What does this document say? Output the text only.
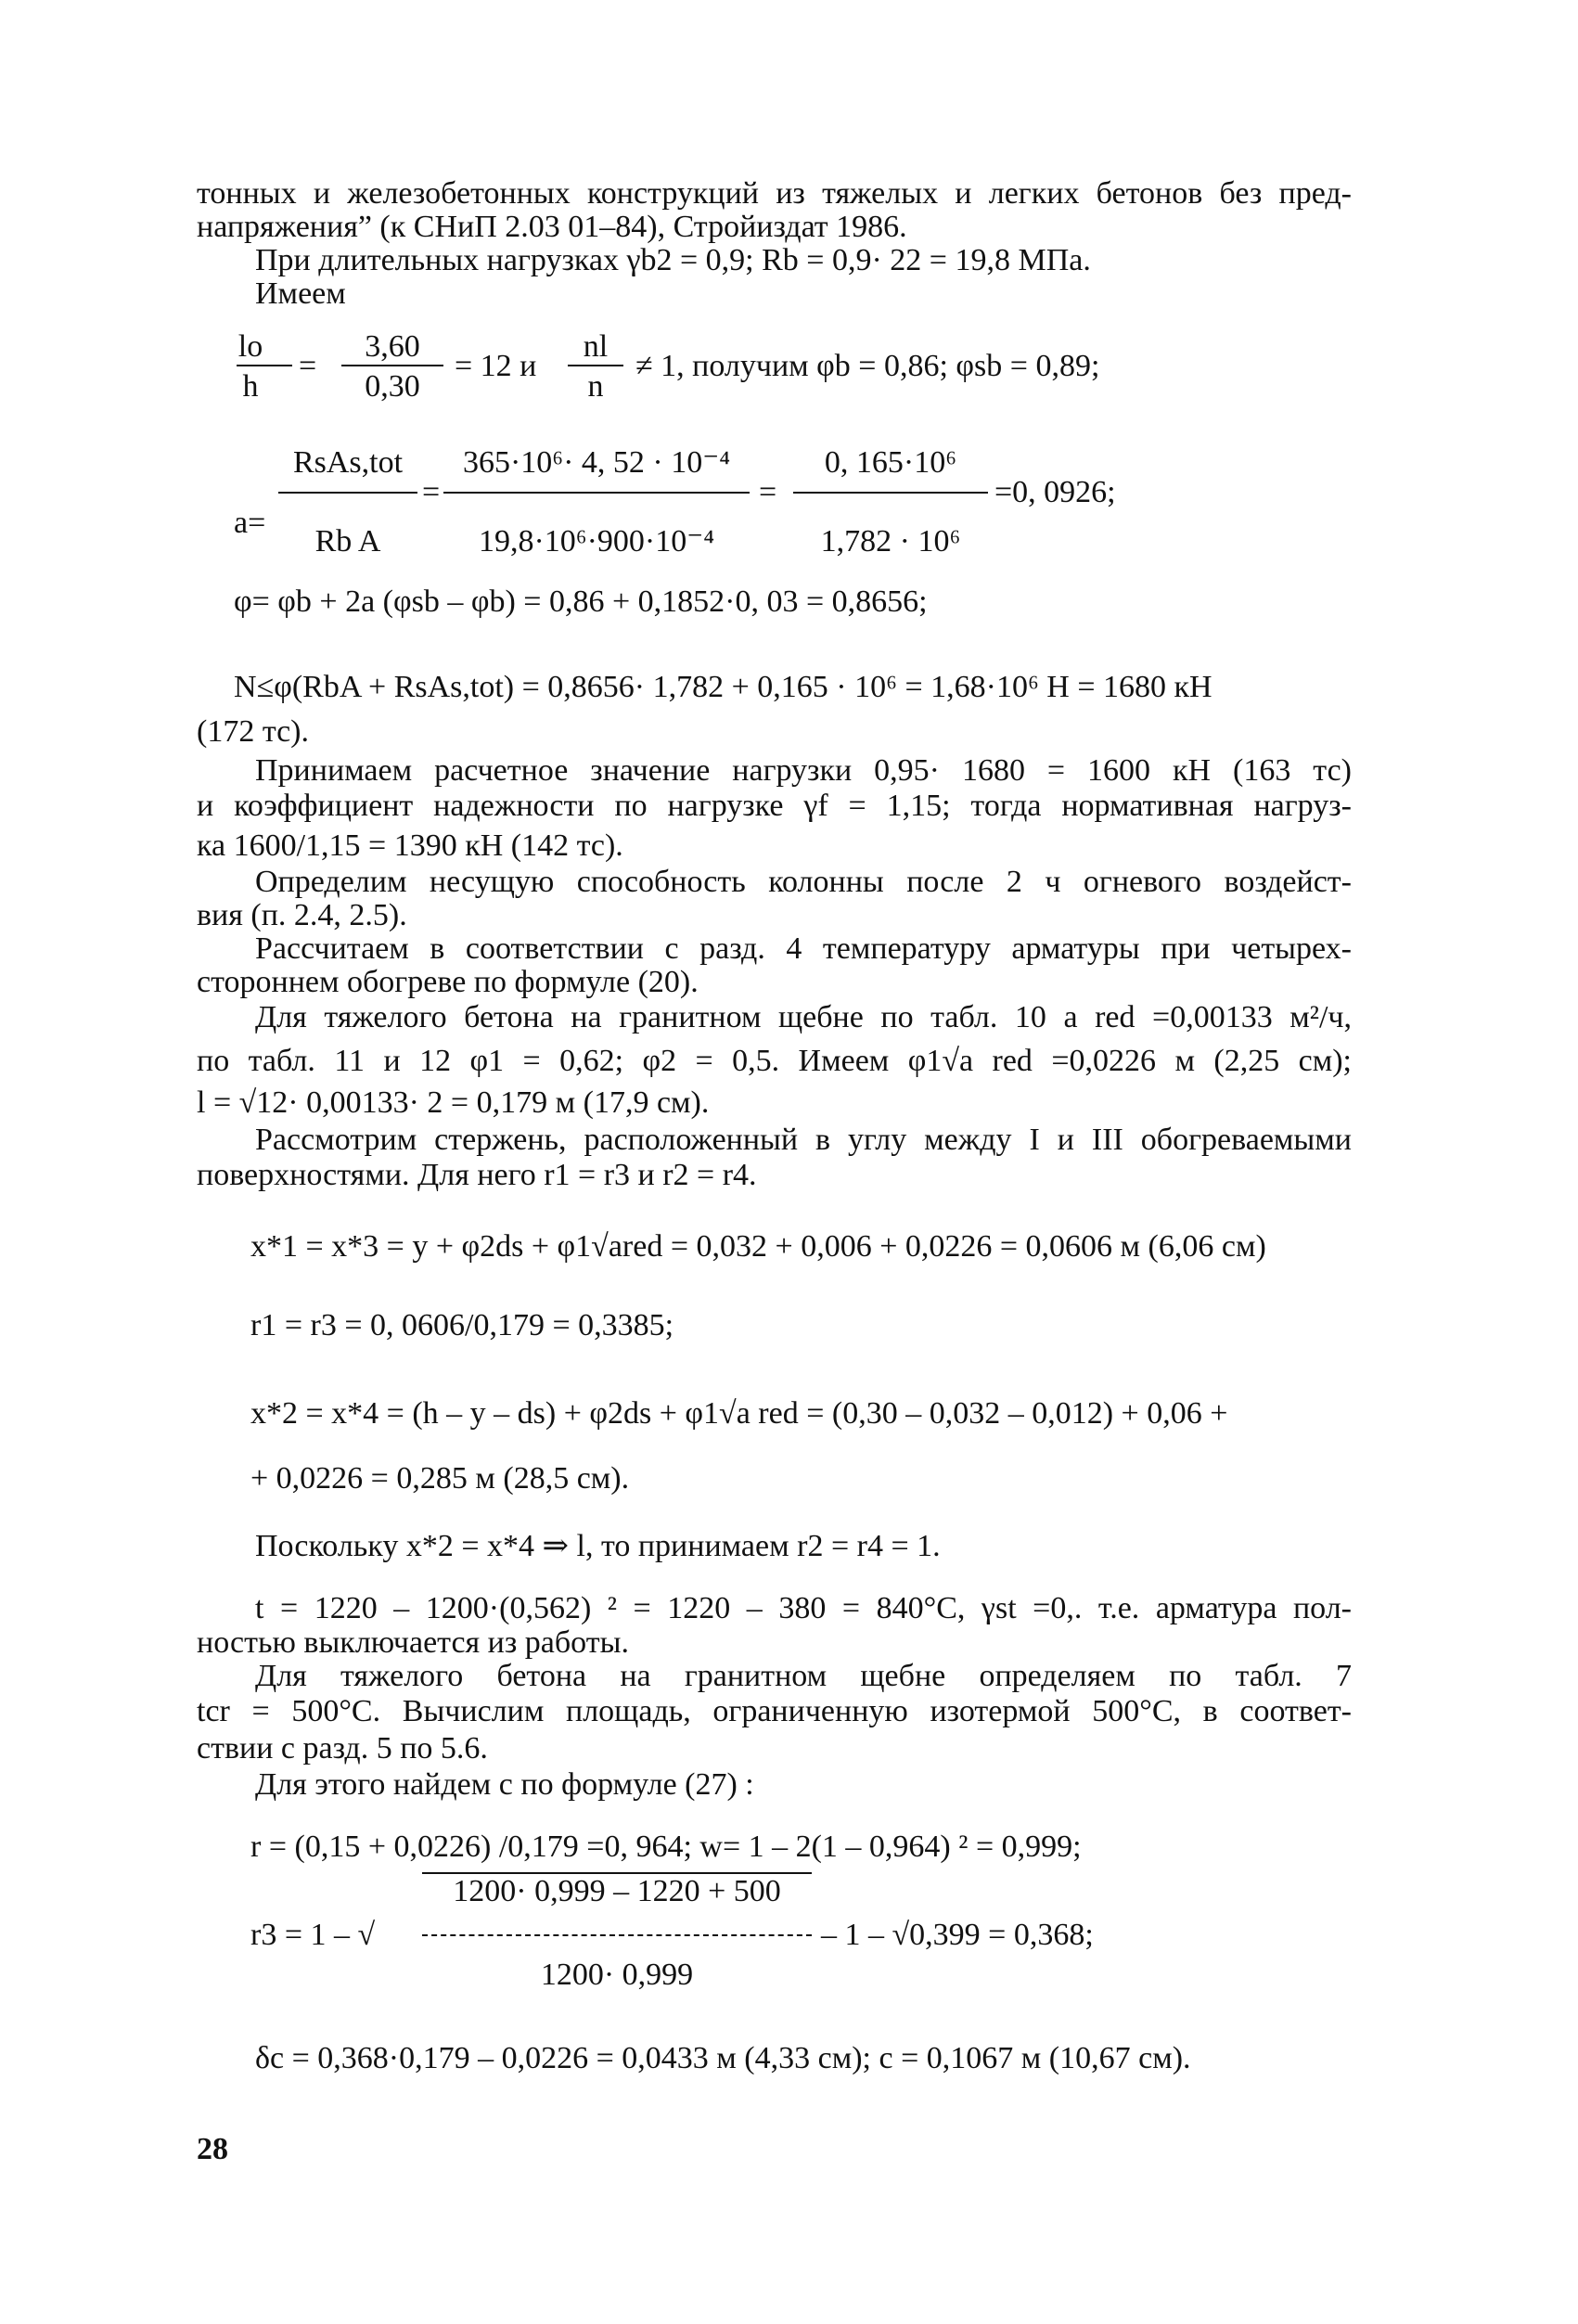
тонных и железобетонных конструкций из тяжелых и легких бетонов без пред-
напряжения” (к СНиП 2.03 01–84), Стройиздат 1986.
При длительных нагрузках γb2 = 0,9; Rb = 0,9· 22 = 19,8 МПа.
Имеем
lo
h
=
3,60
0,30
= 12 и
nl
n
≠ 1, получим φb = 0,86; φsb = 0,89;
a=
RsAs,tot
Rb A
=
365·10⁶· 4, 52 · 10⁻⁴
19,8·10⁶·900·10⁻⁴
=
0, 165·10⁶
1,782 · 10⁶
=0, 0926;
φ= φb + 2a (φsb – φb) = 0,86 + 0,1852·0, 03 = 0,8656;
N≤φ(RbA + RsAs,tot) = 0,8656· 1,782 + 0,165 · 10⁶ = 1,68·10⁶ Н = 1680 кН
(172 тс).
Принимаем расчетное значение нагрузки 0,95· 1680 = 1600 кН (163 тс)
и коэффициент надежности по нагрузке γf = 1,15; тогда нормативная нагруз-
ка 1600/1,15 = 1390 кН (142 тс).
Определим несущую способность колонны после 2 ч огневого воздейст-
вия (п. 2.4, 2.5).
Рассчитаем в соответствии с разд. 4 температуру арматуры при четырех-
стороннем обогреве по формуле (20).
Для тяжелого бетона на гранитном щебне по табл. 10 a red =0,00133 м²/ч,
по табл. 11 и 12 φ1 = 0,62; φ2 = 0,5. Имеем φ1√a red =0,0226 м (2,25 см);
l = √12· 0,00133· 2 = 0,179 м (17,9 см).
Рассмотрим стержень, расположенный в углу между I и III обогреваемыми
поверхностями. Для него r1 = r3 и r2 = r4.
x*1 = x*3 = y + φ2ds + φ1√ared = 0,032 + 0,006 + 0,0226 = 0,0606 м (6,06 см)
r1 = r3 = 0, 0606/0,179 = 0,3385;
x*2 = x*4 = (h – y – ds) + φ2ds + φ1√a red = (0,30 – 0,032 – 0,012) + 0,06 +
+ 0,0226 = 0,285 м (28,5 см).
Поскольку x*2 = x*4 ⇒ l, то принимаем r2 = r4 = 1.
t = 1220 – 1200·(0,562) ² = 1220 – 380 = 840°С, γst =0,. т.е. арматура пол-
ностью выключается из работы.
Для тяжелого бетона на гранитном щебне определяем по табл. 7
tcr = 500°С. Вычислим площадь, ограниченную изотермой 500°С, в соответ-
ствии с разд. 5 по 5.6.
Для этого найдем c по формуле (27) :
r = (0,15 + 0,0226) /0,179 =0, 964; w= 1 – 2(1 – 0,964) ² = 0,999;
r3 = 1 – √
1200· 0,999 – 1220 + 500
1200· 0,999
– 1 – √0,399 = 0,368;
δc = 0,368·0,179 – 0,0226 = 0,0433 м (4,33 см); c = 0,1067 м (10,67 см).
28
